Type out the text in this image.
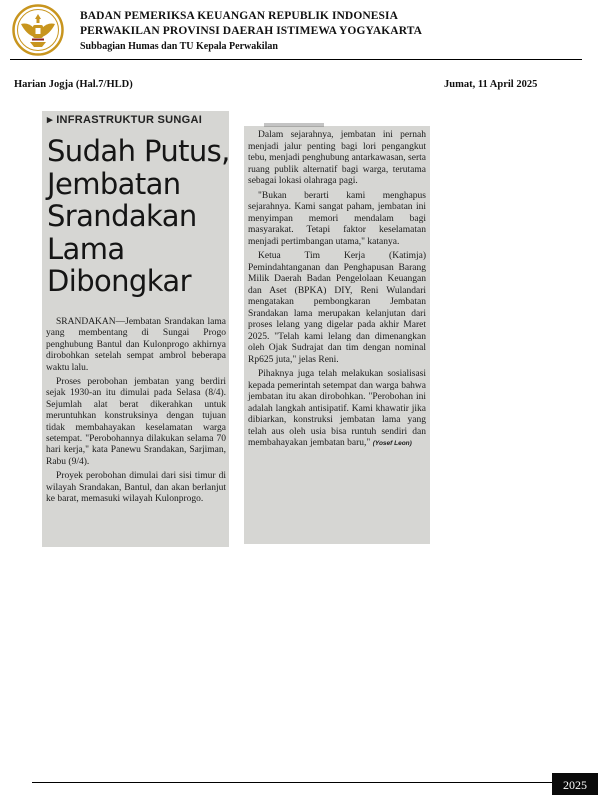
BADAN PEMERIKSA KEUANGAN REPUBLIK INDONESIA
PERWAKILAN PROVINSI DAERAH ISTIMEWA YOGYAKARTA
Subbagian Humas dan TU Kepala Perwakilan
Harian Jogja (Hal.7/HLD)	Jumat, 11 April 2025
▸ INFRASTRUKTUR SUNGAI
Sudah Putus,
Jembatan
Srandakan
Lama
Dibongkar

SRANDAKAN—Jembatan Srandakan lama yang membentang di Sungai Progo penghubung Bantul dan Kulonprogo akhirnya dirobohkan setelah sempat ambrol beberapa waktu lalu.

Proses perobohan jembatan yang berdiri sejak 1930-an itu dimulai pada Selasa (8/4). Sejumlah alat berat dikerahkan untuk meruntuhkan konstruksinya dengan tujuan tidak membahayakan keselamatan warga setempat. "Perobohannya dilakukan selama 70 hari kerja," kata Panewu Srandakan, Sarjiman, Rabu (9/4).

Proyek perobohan dimulai dari sisi timur di wilayah Srandakan, Bantul, dan akan berlanjut ke barat, memasuki wilayah Kulonprogo.

Dalam sejarahnya, jembatan ini pernah menjadi jalur penting bagi lori pengangkut tebu, menjadi penghubung antarkawasan, serta ruang publik alternatif bagi warga, terutama sebagai lokasi olahraga pagi.

"Bukan berarti kami menghapus sejarahnya. Kami sangat paham, jembatan ini menyimpan memori mendalam bagi masyarakat. Tetapi faktor keselamatan menjadi pertimbangan utama," katanya.

Ketua Tim Kerja (Katimja) Pemindahtanganan dan Penghapusan Barang Milik Daerah Badan Pengelolaan Keuangan dan Aset (BPKA) DIY, Reni Wulandari mengatakan pembongkaran Jembatan Srandakan lama merupakan kelanjutan dari proses lelang yang digelar pada akhir Maret 2025. "Telah kami lelang dan dimenangkan oleh Ojak Sudrajat dan tim dengan nominal Rp625 juta," jelas Reni.

Pihaknya juga telah melakukan sosialisasi kepada pemerintah setempat dan warga bahwa jembatan itu akan dirobohkan. "Perobohan ini adalah langkah antisipatif. Kami khawatir jika dibiarkan, konstruksi jembatan lama yang telah aus oleh usia bisa runtuh sendiri dan membahayakan jembatan baru," (Yosef Leon)

2025
